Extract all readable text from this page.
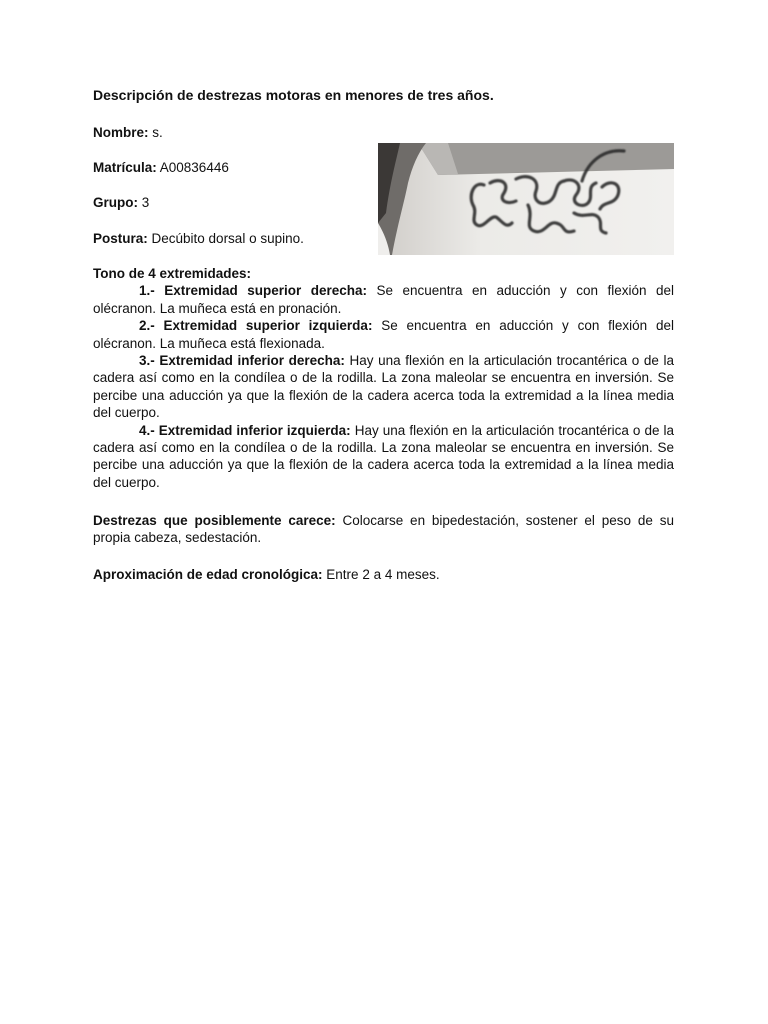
Descripción de destrezas motoras en menores de tres años.
Nombre: s.
Matrícula: A00836446
Grupo: 3
Postura: Decúbito dorsal o supino.

Tono de 4 extremidades:

1.- Extremidad superior derecha: Se encuentra en aducción y con flexión del olécranon. La muñeca está en pronación.

2.- Extremidad superior izquierda: Se encuentra en aducción y con flexión del olécranon. La muñeca está flexionada.

3.- Extremidad inferior derecha: Hay una flexión en la articulación trocantérica o de la cadera así como en la condílea o de la rodilla. La zona maleolar se encuentra en inversión. Se percibe una aducción ya que la flexión de la cadera acerca toda la extremidad a la línea media del cuerpo.

4.- Extremidad inferior izquierda: Hay una flexión en la articulación trocantérica o de la cadera así como en la condílea o de la rodilla. La zona maleolar se encuentra en inversión. Se percibe una aducción ya que la flexión de la cadera acerca toda la extremidad a la línea media del cuerpo.

Destrezas que posiblemente carece: Colocarse en bipedestación, sostener el peso de su propia cabeza, sedestación.

Aproximación de edad cronológica: Entre 2 a 4 meses.
